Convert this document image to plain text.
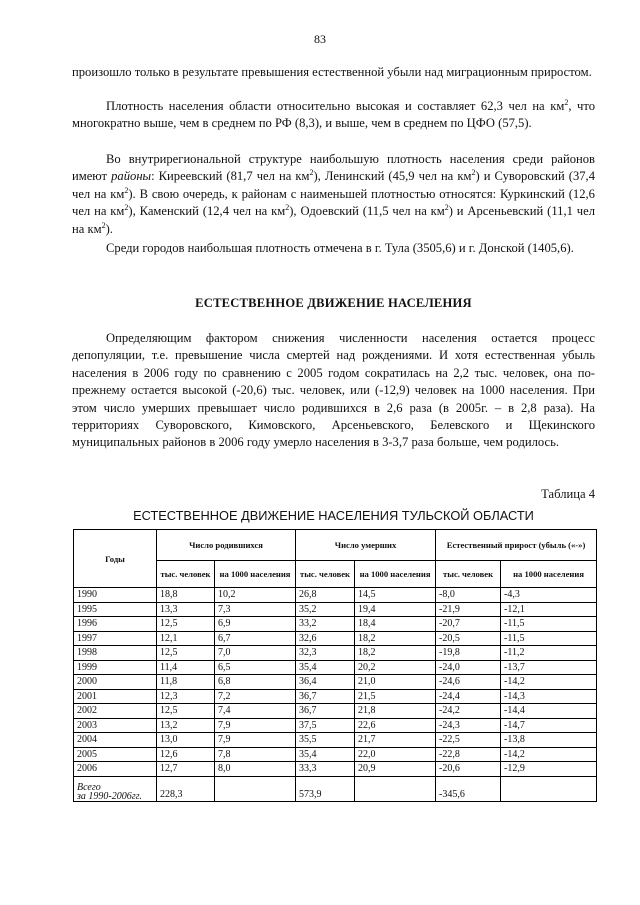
83

произошло только в результате превышения естественной убыли над миграционным приростом.

Плотность населения области относительно высокая и составляет 62,3 чел на $км^2$, что многократно выше, чем в среднем по РФ (8,3), и выше, чем в среднем по ЦФО (57,5).

Во внутрирегиональной структуре наибольшую плотность населения среди районов имеют районы: Киреевский (81,7 чел на $км^2$), Ленинский (45,9 чел на $км^2$) и Суворовский (37,4 чел на $км^2$). В свою очередь, к районам с наименьшей плотностью относятся: Куркинский (12,6 чел на $км^2$), Каменский (12,4 чел на $км^2$), Одоевский (11,5 чел на $км^2$) и Арсеньевский (11,1 чел на $км^2$).

Среди городов наибольшая плотность отмечена в г. Тула (3505,6) и г. Донской (1405,6).

ЕСТЕСТВЕННОЕ ДВИЖЕНИЕ НАСЕЛЕНИЯ

Определяющим фактором снижения численности населения остается процесс депопуляции, т.е. превышение числа смертей над рождениями. И хотя естественная убыль населения в 2006 году по сравнению с 2005 годом сократилась на 2,2 тыс. человек, она по-прежнему остается высокой (-20,6) тыс. человек, или (-12,9) человек на 1000 населения. При этом число умерших превышает число родившихся в 2,6 раза (в 2005г. – в 2,8 раза). На территориях Суворовского, Кимовского, Арсеньевского, Белевского и Щекинского муниципальных районов в 2006 году умерло населения в 3-3,7 раза больше, чем родилось.

Таблица 4
ЕСТЕСТВЕННОЕ ДВИЖЕНИЕ НАСЕЛЕНИЯ ТУЛЬСКОЙ ОБЛАСТИ
Годы	Число родившихся		Число умерших		Естественный прирост (убыль («-»)	
	тыс. человек	на 1000 населения	тыс. человек	на 1000 населения	тыс. человек	на 1000 населения
1990	18,8	10,2	26,8	14,5	-8,0	-4,3
1995	13,3	7,3	35,2	19,4	-21,9	-12,1
1996	12,5	6,9	33,2	18,4	-20,7	-11,5
1997	12,1	6,7	32,6	18,2	-20,5	-11,5
1998	12,5	7,0	32,3	18,2	-19,8	-11,2
1999	11,4	6,5	35,4	20,2	-24,0	-13,7
2000	11,8	6,8	36,4	21,0	-24,6	-14,2
2001	12,3	7,2	36,7	21,5	-24,4	-14,3
2002	12,5	7,4	36,7	21,8	-24,2	-14,4
2003	13,2	7,9	37,5	22,6	-24,3	-14,7
2004	13,0	7,9	35,5	21,7	-22,5	-13,8
2005	12,6	7,8	35,4	22,0	-22,8	-14,2
2006	12,7	8,0	33,3	20,9	-20,6	-12,9
Всего
за 1990-2006гг.	228,3		573,9		-345,6	
